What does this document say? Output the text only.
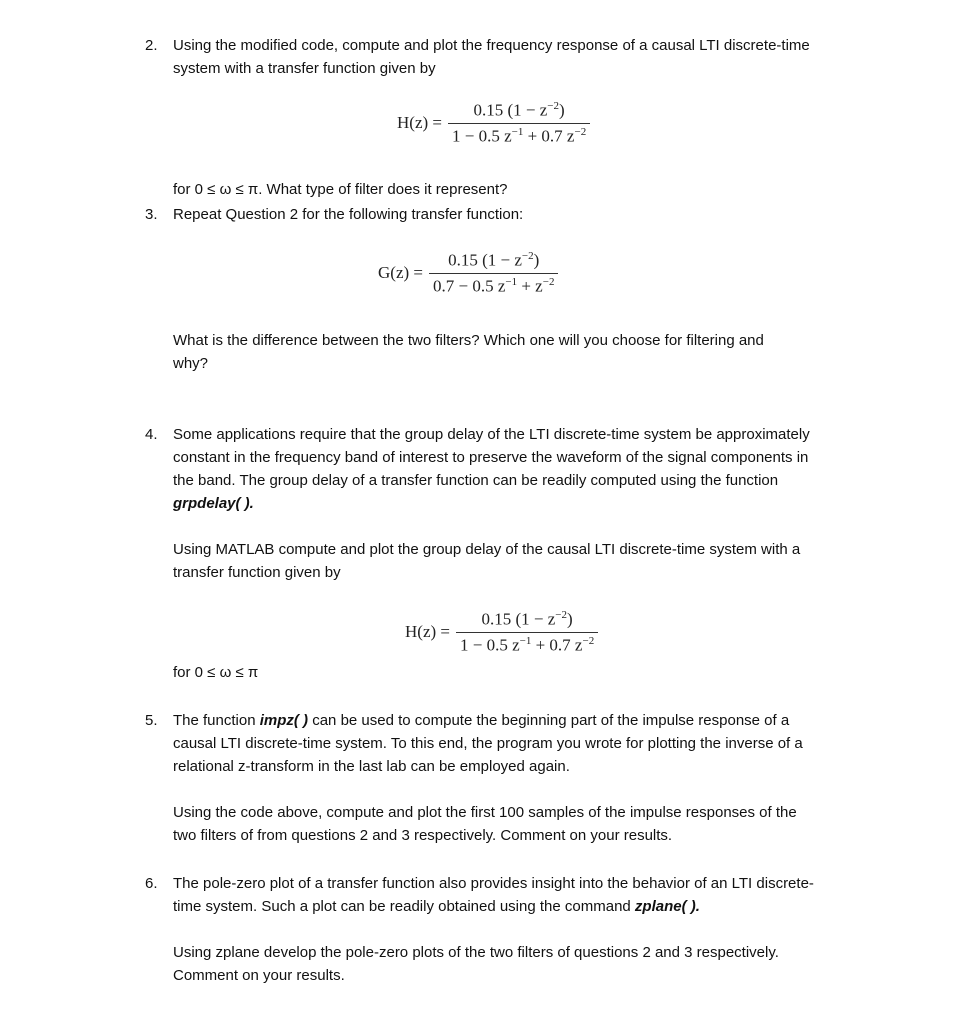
2. Using the modified code, compute and plot the frequency response of a causal LTI discrete-time
system with a transfer function given by
$H(z) = \frac{0.15 (1 - z^{-2})}{1 - 0.5 z^{-1} + 0.7 z^{-2}}$
for 0 ≤ ω ≤ π. What type of filter does it represent?
3. Repeat Question 2 for the following transfer function:
$G(z) = \frac{0.15 (1 - z^{-2})}{0.7 - 0.5 z^{-1} + z^{-2}}$
What is the difference between the two filters? Which one will you choose for filtering and
why?
4. Some applications require that the group delay of the LTI discrete-time system be approximately
constant in the frequency band of interest to preserve the waveform of the signal components in
the band. The group delay of a transfer function can be readily computed using the function
grpdelay( ).
Using MATLAB compute and plot the group delay of the causal LTI discrete-time system with a
transfer function given by
$H(z) = \frac{0.15 (1 - z^{-2})}{1 - 0.5 z^{-1} + 0.7 z^{-2}}$
for 0 ≤ ω ≤ π
5. The function impz( ) can be used to compute the beginning part of the impulse response of a
causal LTI discrete-time system. To this end, the program you wrote for plotting the inverse of a
relational z-transform in the last lab can be employed again.
Using the code above, compute and plot the first 100 samples of the impulse responses of the
two filters of from questions 2 and 3 respectively. Comment on your results.
6. The pole-zero plot of a transfer function also provides insight into the behavior of an LTI discrete-
time system. Such a plot can be readily obtained using the command zplane( ).
Using zplane develop the pole-zero plots of the two filters of questions 2 and 3 respectively.
Comment on your results.
